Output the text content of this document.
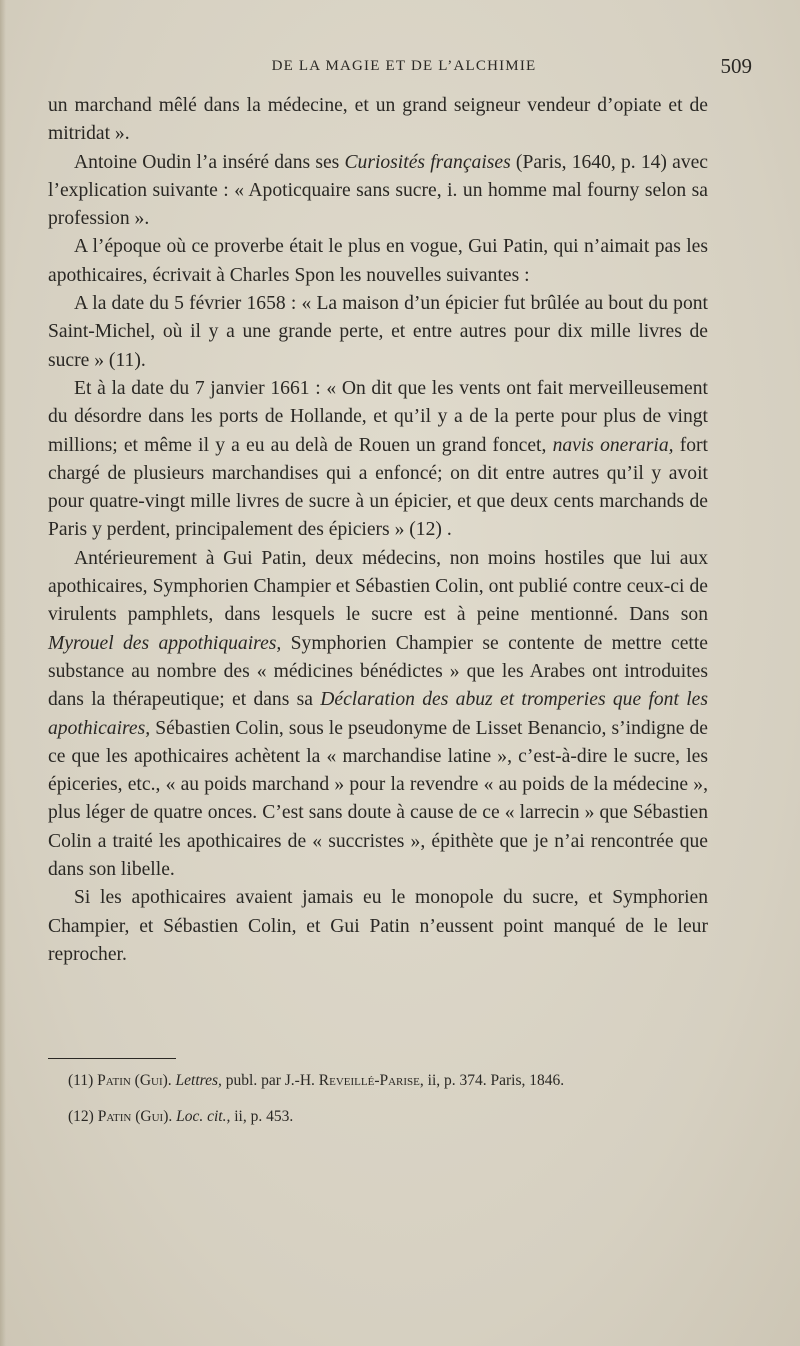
DE LA MAGIE ET DE L’ALCHIMIE	509

un marchand mêlé dans la médecine, et un grand seigneur vendeur d’opiate et de mitridat ».

Antoine Oudin l’a inséré dans ses Curiosités françaises (Paris, 1640, p. 14) avec l’explication suivante : « Apoticquaire sans sucre, i. un homme mal fourny selon sa profession ».

A l’époque où ce proverbe était le plus en vogue, Gui Patin, qui n’aimait pas les apothicaires, écrivait à Charles Spon les nouvelles suivantes :

A la date du 5 février 1658 : « La maison d’un épicier fut brûlée au bout du pont Saint-Michel, où il y a une grande perte, et entre autres pour dix mille livres de sucre » (11).

Et à la date du 7 janvier 1661 : « On dit que les vents ont fait merveilleusement du désordre dans les ports de Hollande, et qu’il y a de la perte pour plus de vingt millions; et même il y a eu au delà de Rouen un grand foncet, navis oneraria, fort chargé de plusieurs marchandises qui a enfoncé; on dit entre autres qu’il y avoit pour quatre-vingt mille livres de sucre à un épicier, et que deux cents marchands de Paris y perdent, principalement des épiciers » (12) .

Antérieurement à Gui Patin, deux médecins, non moins hostiles que lui aux apothicaires, Symphorien Champier et Sébastien Colin, ont publié contre ceux-ci de virulents pamphlets, dans lesquels le sucre est à peine mentionné. Dans son Myrouel des appothiquaires, Symphorien Champier se contente de mettre cette substance au nombre des « médicines bénédictes » que les Arabes ont introduites dans la thérapeutique; et dans sa Déclaration des abuz et tromperies que font les apothicaires, Sébastien Colin, sous le pseudonyme de Lisset Benancio, s’indigne de ce que les apothicaires achètent la « marchandise latine », c’est-à-dire le sucre, les épiceries, etc., « au poids marchand » pour la revendre « au poids de la médecine », plus léger de quatre onces. C’est sans doute à cause de ce « larrecin » que Sébastien Colin a traité les apothicaires de « succristes », épithète que je n’ai rencontrée que dans son libelle.

Si les apothicaires avaient jamais eu le monopole du sucre, et Symphorien Champier, et Sébastien Colin, et Gui Patin n’eussent point manqué de le leur reprocher.

(11) Patin (Gui). Lettres, publ. par J.-H. Reveillé-Parise, ii, p. 374. Paris, 1846.

(12) Patin (Gui). Loc. cit., ii, p. 453.
